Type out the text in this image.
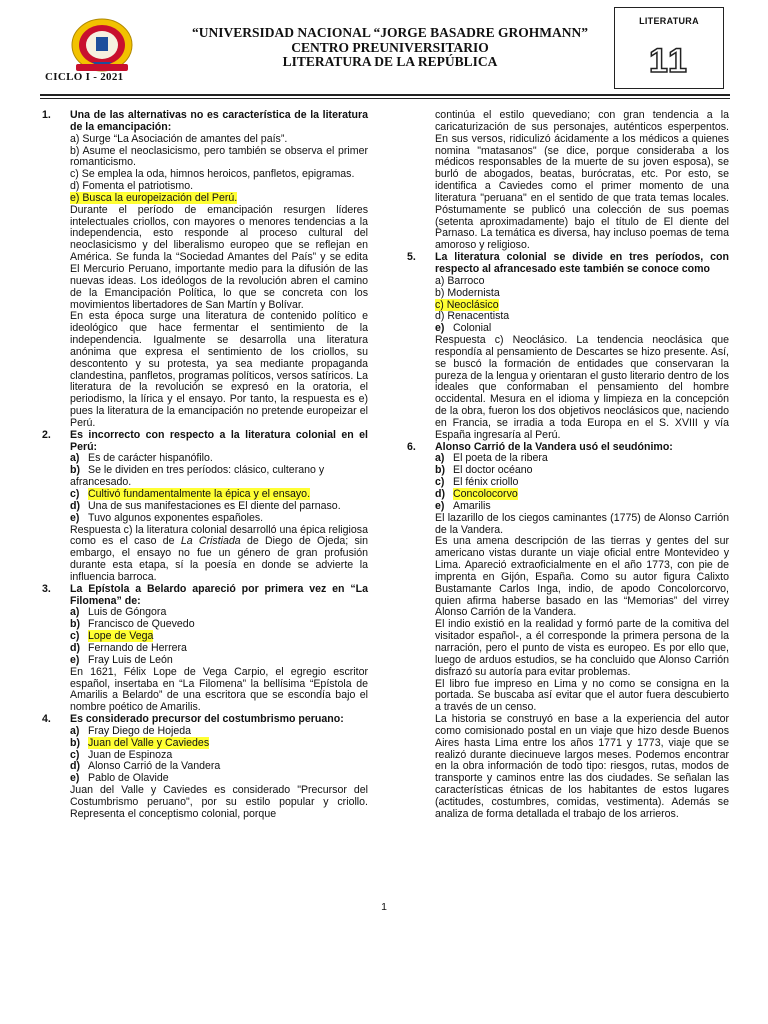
CICLO I - 2021
“UNIVERSIDAD NACIONAL “JORGE BASADRE GROHMANN”
CENTRO PREUNIVERSITARIO
LITERATURA DE LA REPÚBLICA
LITERATURA
11
1. Una de las alternativas no es característica de la literatura de la emancipación:
a) Surge “La Asociación de amantes del país”.
b) Asume el neoclasicismo, pero también se observa el primer romanticismo.
c) Se emplea la oda, himnos heroicos, panfletos, epigramas.
d) Fomenta el patriotismo.
e) Busca la europeización del Perú.
Durante el período de emancipación resurgen líderes intelectuales criollos, con mayores o menores tendencias a la independencia, esto responde al proceso cultural del neoclasicismo y del liberalismo europeo que se reflejan en América. Se funda la “Sociedad Amantes del País” y se edita El Mercurio Peruano, importante medio para la difusión de las nuevas ideas. Los ideólogos de la revolución abren el camino de la Emancipación Política, lo que se concreta con los movimientos libertadores de San Martín y Bolívar.
En esta época surge una literatura de contenido político e ideológico que hace fermentar el sentimiento de la independencia. Igualmente se desarrolla una literatura anónima que expresa el sentimiento de los criollos, su descontento y su protesta, ya sea mediante propaganda clandestina, panfletos, programas políticos, versos satíricos. La literatura de la revolución se expresó en la oratoria, el periodismo, la lírica y el ensayo. Por tanto, la respuesta es e) pues la literatura de la emancipación no pretende europeizar el Perú.
2. Es incorrecto con respecto a la literatura colonial en el Perú:
a) Es de carácter hispanófilo.
b) Se le dividen en tres períodos: clásico, culterano y afrancesado.
c) Cultivó fundamentalmente la épica y el ensayo.
d) Una de sus manifestaciones es El diente del parnaso.
e) Tuvo algunos exponentes españoles.
Respuesta c) la literatura colonial desarrolló una épica religiosa como es el caso de La Cristiada de Diego de Ojeda; sin embargo, el ensayo no fue un género de gran profusión durante esta etapa, sí la poesía en donde se advierte la influencia barroca.
3. La Epístola a Belardo apareció por primera vez en “La Filomena” de:
a) Luis de Góngora
b) Francisco de Quevedo
c) Lope de Vega
d) Fernando de Herrera
e) Fray Luis de León
En 1621, Félix Lope de Vega Carpio, el egregio escritor español, insertaba en “La Filomena” la bellísima “Epístola de Amarilis a Belardo” de una escritora que se escondía bajo el nombre poético de Amarilis.
4. Es considerado precursor del costumbrismo peruano:
a) Fray Diego de Hojeda
b) Juan del Valle y Caviedes
c) Juan de Espinoza
d) Alonso Carrió de la Vandera
e) Pablo de Olavide
Juan del Valle y Caviedes es considerado "Precursor del Costumbrismo peruano", por su estilo popular y criollo. Representa el conceptismo colonial, porque
continúa el estilo quevediano; con gran tendencia a la caricaturización de sus personajes, auténticos esperpentos. En sus versos, ridiculizó ácidamente a los médicos a quienes nomina "matasanos" (se dice, porque consideraba a los médicos responsables de la muerte de su joven esposa), se burló de abogados, beatas, burócratas, etc. Por esto, se identifica a Caviedes como el primer momento de una literatura "peruana" en el sentido de que trata temas locales. Póstumamente se publicó una colección de sus poemas (setenta aproximadamente) bajo el título de El diente del Parnaso. La temática es diversa, hay incluso poemas de tema amoroso y religioso.
5. La literatura colonial se divide en tres períodos, con respecto al afrancesado este también se conoce como
a) Barroco
b) Modernista
c) Neoclásico
d) Renacentista
e) Colonial
Respuesta c) Neoclásico. La tendencia neoclásica que respondía al pensamiento de Descartes se hizo presente. Así, se buscó la formación de entidades que conservaran la pureza de la lengua y orientaran el gusto literario dentro de los ideales que conformaban el pensamiento del hombre occidental. Mesura en el idioma y limpieza en la concepción de la obra, fueron los dos objetivos neoclásicos que, naciendo en Francia, se irradia a toda Europa en el S. XVIII y vía España ingresaría al Perú.
6. Alonso Carrió de la Vandera usó el seudónimo:
a) El poeta de la ribera
b) El doctor océano
c) El fénix criollo
d) Concolocorvo
e) Amarilis
El lazarillo de los ciegos caminantes (1775) de Alonso Carrión de la Vandera.
Es una amena descripción de las tierras y gentes del sur americano vistas durante un viaje oficial entre Montevideo y Lima. Apareció extraoficialmente en el año 1773, con pie de imprenta en Gijón, España. Como su autor figura Calixto Bustamante Carlos Inga, indio, de apodo Concolorcorvo, quien afirma haberse basado en las “Memorias” del virrey Alonso Carrión de la Vandera.
El indio existió en la realidad y formó parte de la comitiva del visitador español-, a él corresponde la primera persona de la narración, pero el punto de vista es europeo. Es por ello que, luego de arduos estudios, se ha concluido que Alonso Carrión disfrazó su autoría para evitar problemas.
El libro fue impreso en Lima y no como se consigna en la portada. Se buscaba así evitar que el autor fuera descubierto a través de un censo.
La historia se construyó en base a la experiencia del autor como comisionado postal en un viaje que hizo desde Buenos Aires hasta Lima entre los años 1771 y 1773, viaje que se realizó durante diecinueve largos meses. Podemos encontrar en la obra información de todo tipo: riesgos, rutas, modos de transporte y caminos entre las dos ciudades. Se señalan las características étnicas de los habitantes de estos lugares (actitudes, costumbres, comidas, vestimenta). Además se analiza de forma detallada el trabajo de los arrieros.
1
